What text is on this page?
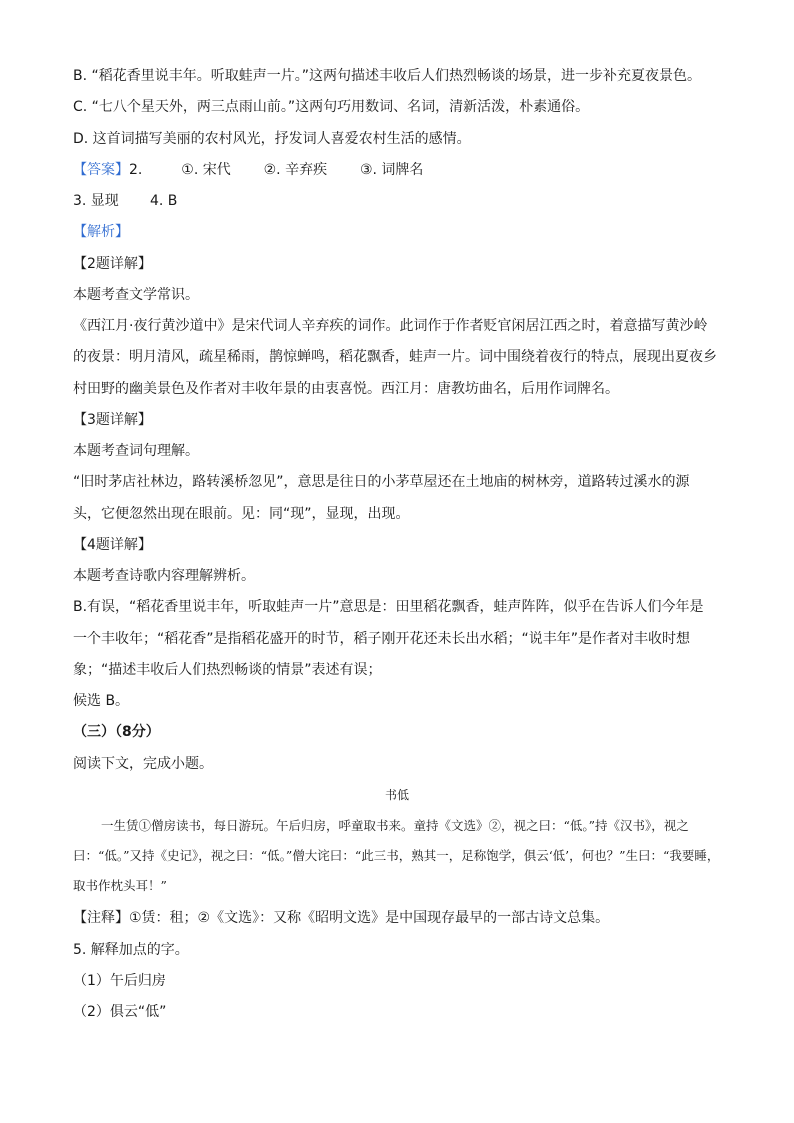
B. “稻花香里说丰年。听取蛙声一片。”这两句描述丰收后人们热烈畅谈的场景，进一步补充夏夜景色。
C. “七八个星天外，两三点雨山前。”这两句巧用数词、名词，清新活泼，朴素通俗。
D. 这首词描写美丽的农村风光，抒发词人喜爱农村生活的感情。
【答案】2.	①. 宋代 ②. 辛弃疾 ③. 词牌名
3. 显现       4. B
【解析】
【2题详解】
本题考查文学常识。
《西江月·夜行黄沙道中》是宋代词人辛弃疾的词作。此词作于作者贬官闲居江西之时，着意描写黄沙岭
的夜景：明月清风，疏星稀雨，鹊惊蝉鸣，稻花飘香，蛙声一片。词中围绕着夜行的特点，展现出夏夜乡
村田野的幽美景色及作者对丰收年景的由衷喜悦。西江月：唐教坊曲名，后用作词牌名。
【3题详解】
本题考查词句理解。
“旧时茅店社林边，路转溪桥忽见”，意思是往日的小茅草屋还在土地庙的树林旁，道路转过溪水的源
头，它便忽然出现在眼前。见：同“现”，显现，出现。
【4题详解】
本题考查诗歌内容理解辨析。
B.有误，“稻花香里说丰年，听取蛙声一片”意思是：田里稻花飘香，蛙声阵阵，似乎在告诉人们今年是
一个丰收年；“稻花香”是指稻花盛开的时节，稻子刚开花还未长出水稻；“说丰年”是作者对丰收时想
象；“描述丰收后人们热烈畅谈的情景”表述有误；
候选 B。
（三）（8分）
阅读下文，完成小题。
书低
一生赁①僧房读书，每日游玩。午后归房，呼童取书来。童持《文选》②，视之曰：“低。”持《汉书》，视之曰：“低。”又持《史记》，视之曰：“低。”僧大诧曰：“此三书，熟其一，足称饱学，俱云‘低’，何也？”生曰：“我要睡，取书作枕头耳！”
【注释】①赁：租；②《文选》：又称《昭明文选》是中国现存最早的一部古诗文总集。
5. 解释加点的字。
（1）午后归房
（2）俱云“低”
